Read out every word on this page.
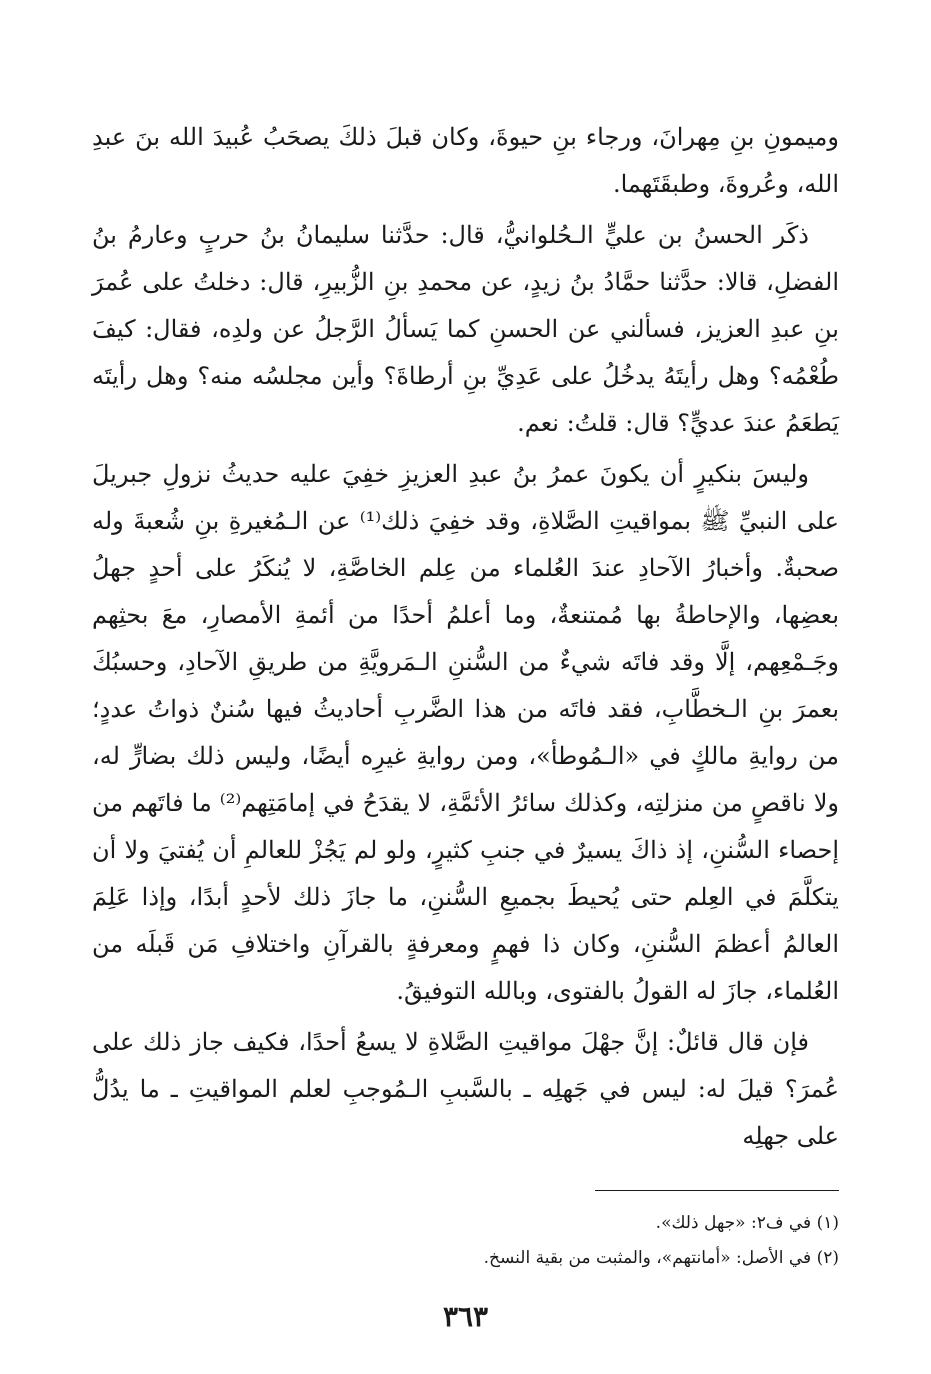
وميمونِ بنِ مِهرانَ، ورجاء بنِ حيوةَ، وكان قبلَ ذلكَ يصحَبُ عُبيدَ الله بنَ عبدِ الله، وعُروةَ، وطبقَتَهما.

ذكَر الحسنُ بن عليٍّ الـحُلوانيُّ، قال: حدَّثنا سليمانُ بنُ حربٍ وعارمُ بنُ الفضلِ، قالا: حدَّثنا حمَّادُ بنُ زيدٍ، عن محمدِ بنِ الزُّبيرِ، قال: دخلتُ على عُمرَ بنِ عبدِ العزيز، فسألني عن الحسنِ كما يَسألُ الرَّجلُ عن ولدِه، فقال: كيفَ طُعْمُه؟ وهل رأيتَهُ يدخُلُ على عَدِيِّ بنِ أرطاةَ؟ وأين مجلسُه منه؟ وهل رأيتَه يَطعَمُ عندَ عديٍّ؟ قال: قلتُ: نعم.

وليسَ بنكيرٍ أن يكونَ عمرُ بنُ عبدِ العزيزِ خفِيَ عليه حديثُ نزولِ جبريلَ على النبيِّ ﷺ بمواقيتِ الصَّلاةِ، وقد خفِيَ ذلك⁽¹⁾ عن الـمُغيرةِ بنِ شُعبةَ وله صحبةٌ. وأخبارُ الآحادِ عندَ العُلماء من عِلم الخاصَّةِ، لا يُنكَرُ على أحدٍ جهلُ بعضِها، والإحاطةُ بها مُمتنعةٌ، وما أعلمُ أحدًا من أئمةِ الأمصارِ، معَ بحثِهم وجَـمْعِهم، إلَّا وقد فاتَه شيءٌ من السُّننِ الـمَرويَّةِ من طريقِ الآحادِ، وحسبُكَ بعمرَ بنِ الـخطَّابِ، فقد فاتَه من هذا الضَّربِ أحاديثُ فيها سُننٌ ذواتُ عددٍ؛ من روايةِ مالكٍ في «الـمُوطأ»، ومن روايةِ غيرِه أيضًا، وليس ذلك بضارٍّ له، ولا ناقصٍ من منزلتِه، وكذلك سائرُ الأئمَّةِ، لا يقدَحُ في إمامَتِهم⁽²⁾ ما فاتَهم من إحصاء السُّننِ، إذ ذاكَ يسيرٌ في جنبِ كثيرٍ، ولو لم يَجُزْ للعالمِ أن يُفتيَ ولا أن يتكلَّمَ في العِلم حتى يُحيطَ بجميعِ السُّننِ، ما جازَ ذلك لأحدٍ أبدًا، وإذا عَلِمَ العالمُ أعظمَ السُّننِ، وكان ذا فهمٍ ومعرفةٍ بالقرآنِ واختلافِ مَن قَبلَه من العُلماء، جازَ له القولُ بالفتوى، وبالله التوفيقُ.

فإن قال قائلٌ: إنَّ جهْلَ مواقيتِ الصَّلاةِ لا يسعُ أحدًا، فكيف جاز ذلك على عُمرَ؟ قيلَ له: ليس في جَهلِه ـ بالسَّببِ الـمُوجبِ لعلم المواقيتِ ـ ما يدُلُّ على جهلِه

(١) في ف٢: «جهل ذلك».

(٢) في الأصل: «أمانتهم»، والمثبت من بقية النسخ.

٣٦٣
